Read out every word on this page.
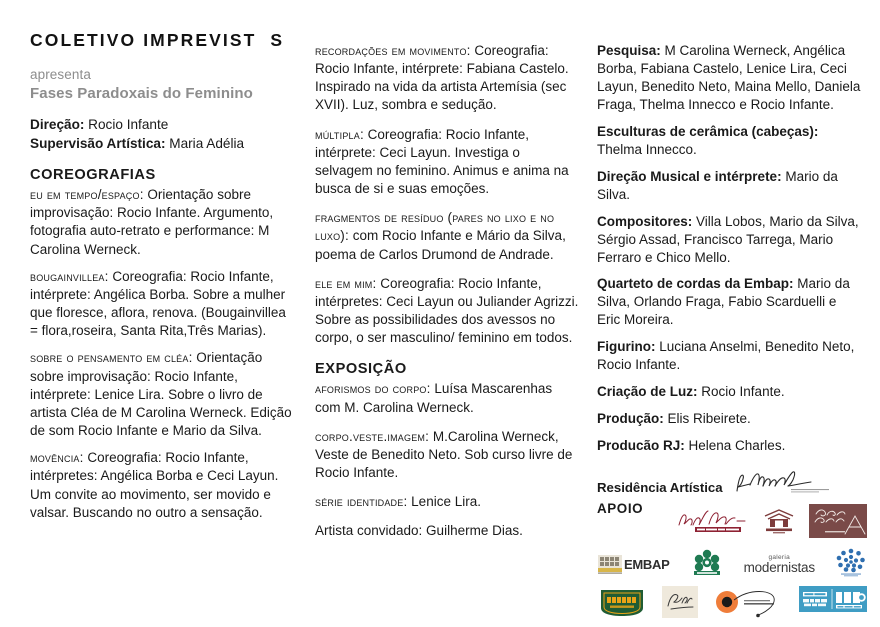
COLETIVO IMPREVIST  S
apresenta
Fases Paradoxais do Feminino

Direção: Rocio Infante

Supervisão Artística: Maria Adélia

COREOGRAFIAS

eu em tempo/espaço: Orientação sobre improvisação: Rocio Infante. Argumento, fotografia auto-retrato e performance: M Carolina Werneck.

bougainvillea: Coreografia: Rocio Infante, intérprete: Angélica Borba. Sobre a mulher que floresce, aflora, renova. (Bougainvillea = flora,roseira, Santa Rita,Três Marias).

sobre o pensamento em cléa: Orientação sobre improvisação: Rocio Infante, intérprete: Lenice Lira. Sobre o livro de artista Cléa de M Carolina Werneck. Edição de som Rocio Infante e Mario da Silva.

movência: Coreografia: Rocio Infante, intérpretes: Angélica Borba e Ceci Layun. Um convite ao movimento, ser movido e valsar. Buscando no outro a sensação.

recordações em movimento: Coreografia: Rocio Infante, intérprete: Fabiana Castelo. Inspirado na vida da artista Artemísia (sec XVII). Luz, sombra e sedução.

múltipla: Coreografia: Rocio Infante, intérprete: Ceci Layun. Investiga o selvagem no feminino. Animus e anima na busca de si e suas emoções.

fragmentos de resíduo (pares no lixo e no luxo): com Rocio Infante e Mário da Silva, poema de Carlos Drumond de Andrade.

ele em mim: Coreografia: Rocio Infante, intérpretes: Ceci Layun ou Juliander Agrizzi. Sobre as possibilidades dos avessos no corpo, o ser masculino/ feminino em todos.

EXPOSIÇÃO

aforismos do corpo: Luísa Mascarenhas com M. Carolina Werneck.

corpo.veste.imagem: M.Carolina Werneck, Veste de Benedito Neto. Sob curso livre de Rocio Infante.

série identidade: Lenice Lira.

Artista convidado: Guilherme Dias.

Pesquisa: M Carolina Werneck, Angélica Borba, Fabiana Castelo, Lenice Lira, Ceci Layun, Benedito Neto, Maina Mello, Daniela Fraga, Thelma Innecco e Rocio Infante.

Esculturas de cerâmica (cabeças): Thelma Innecco.

Direção Musical e intérprete: Mario da Silva.

Compositores: Villa Lobos, Mario da Silva, Sérgio Assad, Francisco Tarrega, Mario Ferraro e Chico Mello.

Quarteto de cordas da Embap: Mario da Silva, Orlando Fraga, Fabio Scarduelli e Eric Moreira.

Figurino: Luciana Anselmi, Benedito Neto, Rocio Infante.

Criação de Luz: Rocio Infante.

Produção: Elis Ribeirete.

Producão RJ: Helena Charles.

Residência Artística
APOIO
EMBAP	galeria
modernistas
